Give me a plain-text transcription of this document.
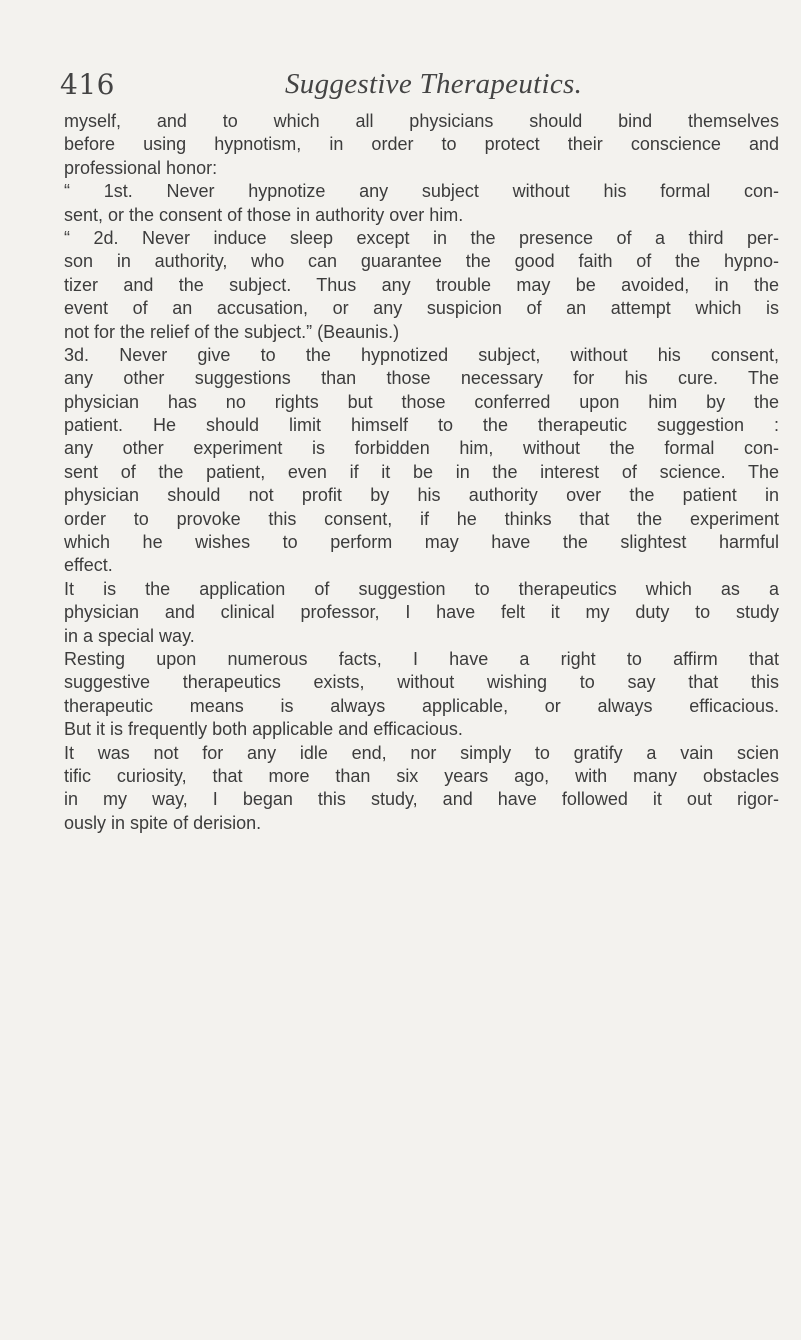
416	Suggestive Therapeutics.
myself, and to which all physicians should bind themselves
before using hypnotism, in order to protect their conscience and
professional honor:
“ 1st. Never hypnotize any subject without his formal con-
sent, or the consent of those in authority over him.
“ 2d. Never induce sleep except in the presence of a third per-
son in authority, who can guarantee the good faith of the hypno-
tizer and the subject. Thus any trouble may be avoided, in the
event of an accusation, or any suspicion of an attempt which is
not for the relief of the subject.” (Beaunis.)
3d. Never give to the hypnotized subject, without his consent,
any other suggestions than those necessary for his cure. The
physician has no rights but those conferred upon him by the
patient. He should limit himself to the therapeutic suggestion :
any other experiment is forbidden him, without the formal con-
sent of the patient, even if it be in the interest of science. The
physician should not profit by his authority over the patient in
order to provoke this consent, if he thinks that the experiment
which he wishes to perform may have the slightest harmful
effect.
It is the application of suggestion to therapeutics which as a
physician and clinical professor, I have felt it my duty to study
in a special way.
Resting upon numerous facts, I have a right to affirm that
suggestive therapeutics exists, without wishing to say that this
therapeutic means is always applicable, or always efficacious.
But it is frequently both applicable and efficacious.
It was not for any idle end, nor simply to gratify a vain scien
tific curiosity, that more than six years ago, with many obstacles
in my way, I began this study, and have followed it out rigor-
ously in spite of derision.
